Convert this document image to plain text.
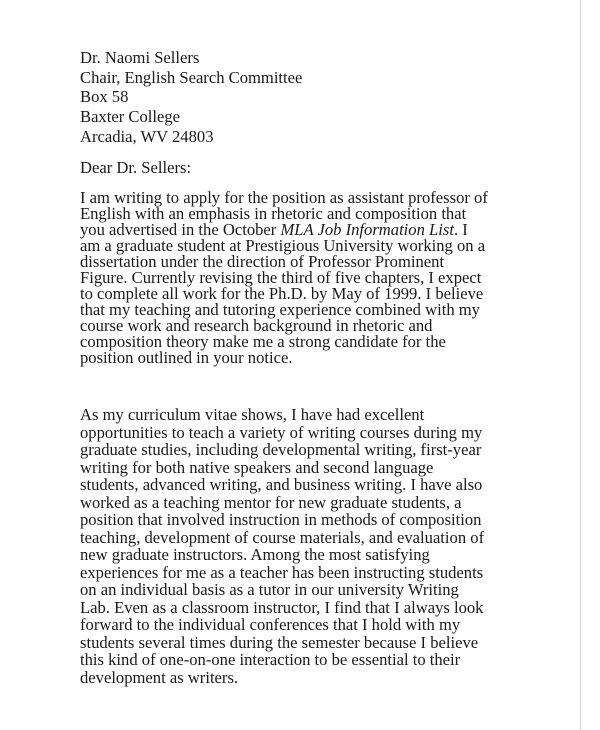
Dr. Naomi Sellers
Chair, English Search Committee
Box 58
Baxter College
Arcadia, WV 24803
Dear Dr. Sellers:
I am writing to apply for the position as assistant professor of
English with an emphasis in rhetoric and composition that
you advertised in the October MLA Job Information List. I
am a graduate student at Prestigious University working on a
dissertation under the direction of Professor Prominent
Figure. Currently revising the third of five chapters, I expect
to complete all work for the Ph.D. by May of 1999. I believe
that my teaching and tutoring experience combined with my
course work and research background in rhetoric and
composition theory make me a strong candidate for the
position outlined in your notice.
As my curriculum vitae shows, I have had excellent
opportunities to teach a variety of writing courses during my
graduate studies, including developmental writing, first-year
writing for both native speakers and second language
students, advanced writing, and business writing. I have also
worked as a teaching mentor for new graduate students, a
position that involved instruction in methods of composition
teaching, development of course materials, and evaluation of
new graduate instructors. Among the most satisfying
experiences for me as a teacher has been instructing students
on an individual basis as a tutor in our university Writing
Lab. Even as a classroom instructor, I find that I always look
forward to the individual conferences that I hold with my
students several times during the semester because I believe
this kind of one-on-one interaction to be essential to their
development as writers.
